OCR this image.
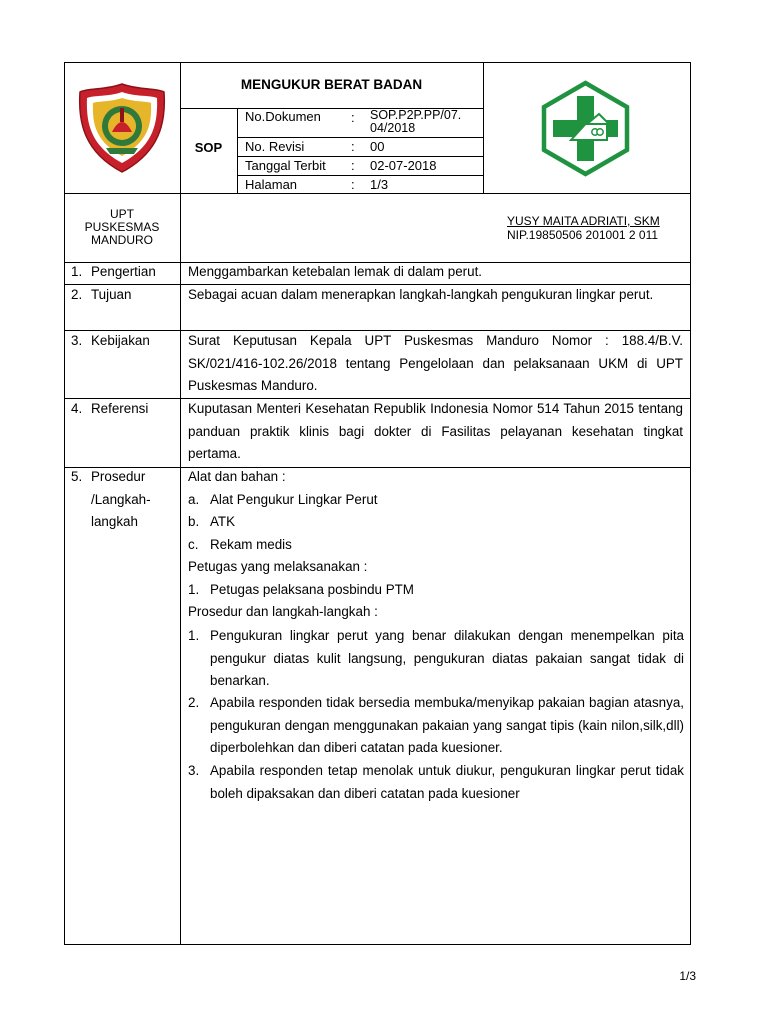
MENGUKUR BERAT BADAN
SOP
No.Dokumen : SOP.P2P.PP/07.
04/2018
No. Revisi	: 00
Tanggal Terbit : 02-07-2018
Halaman	: 1/3
UPT
PUSKESMAS
MANDURO
YUSY MAITA ADRIATI, SKM
NIP.19850506 201001 2 011
1. Pengertian Menggambarkan ketebalan lemak di dalam perut.
2. Tujuan	Sebagai acuan dalam menerapkan langkah-langkah pengukuran lingkar perut.
3. Kebijakan	Surat Keputusan Kepala UPT Puskesmas Manduro Nomor : 188.4/B.V. SK/021/416-102.26/2018 tentang Pengelolaan dan pelaksanaan UKM di UPT Puskesmas Manduro.
4. Referensi	Kuputasan Menteri Kesehatan Republik Indonesia Nomor 514 Tahun 2015 tentang panduan praktik klinis bagi dokter di Fasilitas pelayanan kesehatan tingkat pertama.
5. Prosedur
/Langkah-
langkah
Alat dan bahan :
a. Alat Pengukur Lingkar Perut
b. ATK
c. Rekam medis
Petugas yang melaksanakan :
1. Petugas pelaksana posbindu PTM
Prosedur dan langkah-langkah :
1. Pengukuran lingkar perut yang benar dilakukan dengan menempelkan pita pengukur diatas kulit langsung, pengukuran diatas pakaian sangat tidak di benarkan.
2. Apabila responden tidak bersedia membuka/menyikap pakaian bagian atasnya, pengukuran dengan menggunakan pakaian yang sangat tipis (kain nilon,silk,dll) diperbolehkan dan diberi catatan pada kuesioner.
3. Apabila responden tetap menolak untuk diukur, pengukuran lingkar perut tidak boleh dipaksakan dan diberi catatan pada kuesioner
1/3
